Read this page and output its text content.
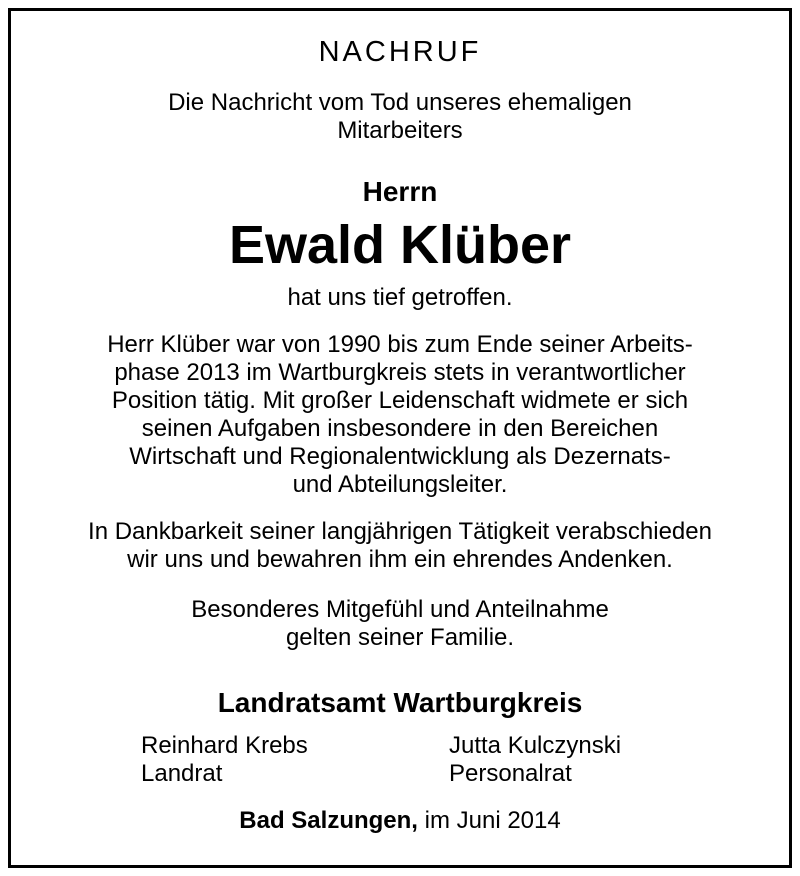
NACHRUF
Die Nachricht vom Tod unseres ehemaligen
Mitarbeiters
Herrn
Ewald Klüber
hat uns tief getroffen.
Herr Klüber war von 1990 bis zum Ende seiner Arbeits-
phase 2013 im Wartburgkreis stets in verantwortlicher
Position tätig. Mit großer Leidenschaft widmete er sich
seinen Aufgaben insbesondere in den Bereichen
Wirtschaft und Regionalentwicklung als Dezernats-
und Abteilungsleiter.
In Dankbarkeit seiner langjährigen Tätigkeit verabschieden
wir uns und bewahren ihm ein ehrendes Andenken.
Besonderes Mitgefühl und Anteilnahme
gelten seiner Familie.
Landratsamt Wartburgkreis
Reinhard Krebs
Landrat
Jutta Kulczynski
Personalrat
Bad Salzungen, im Juni 2014
